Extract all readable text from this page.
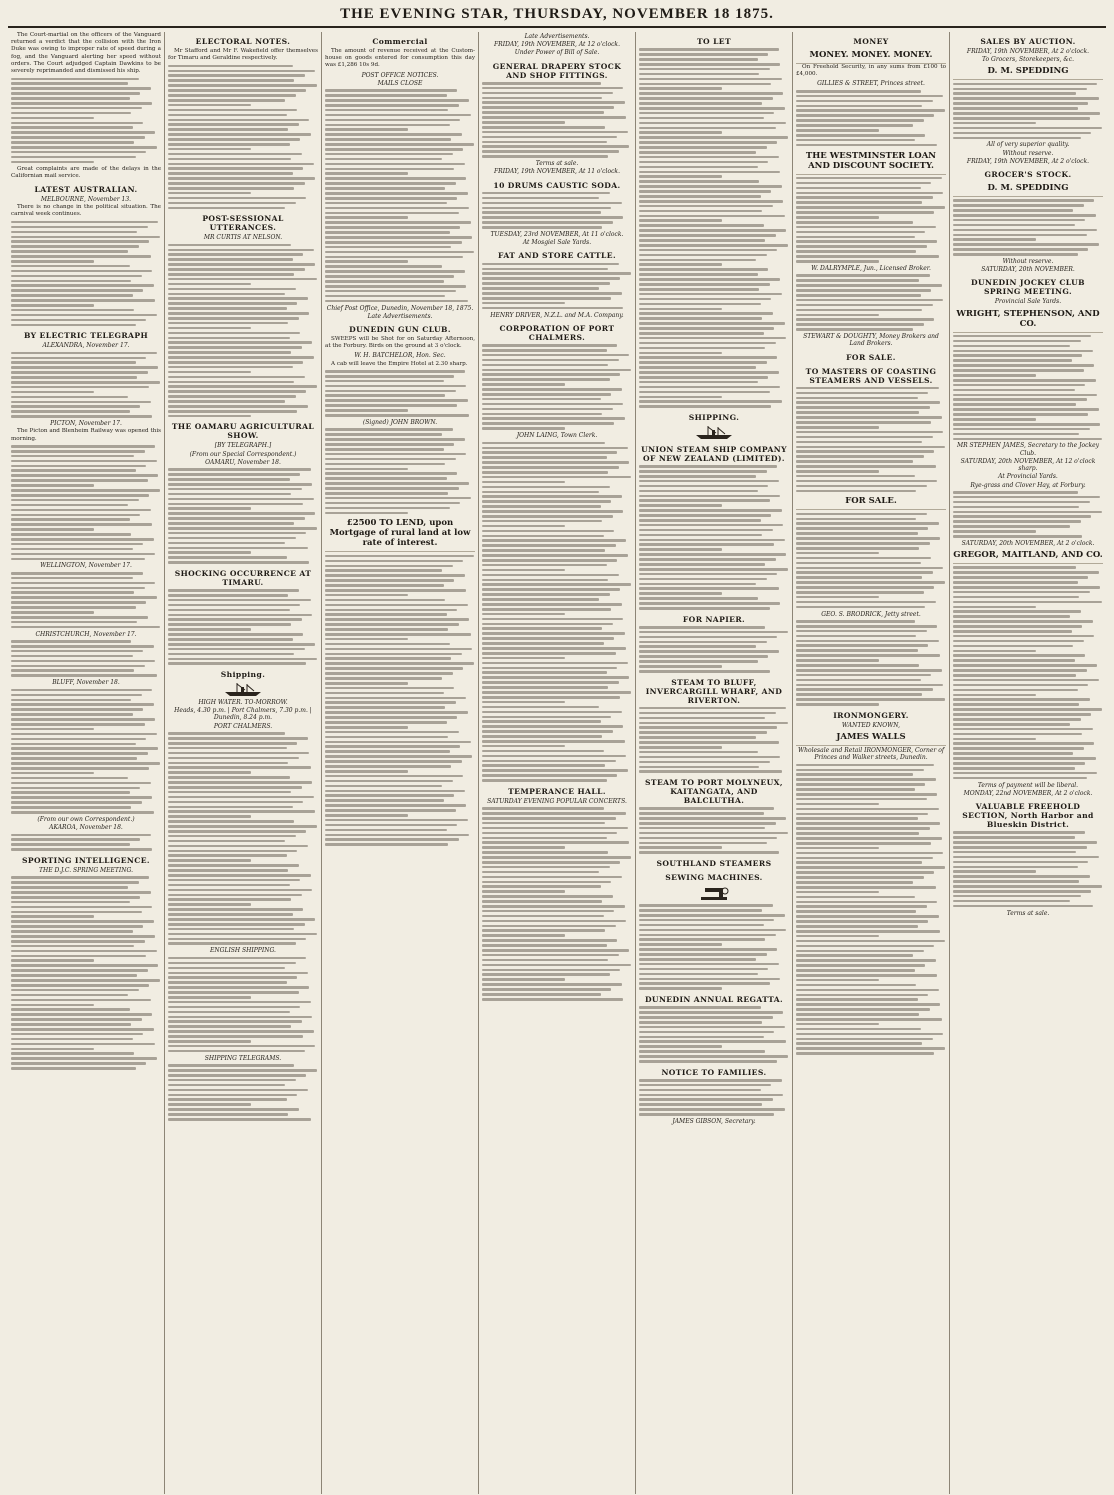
THE EVENING STAR, THURSDAY, NOVEMBER 18 1875.

The Court-martial on the officers of the Vanguard returned a verdict that the collision with the Iron Duke was owing to improper rate of speed during a fog, and the Vanguard alerting her speed without orders. The Court adjudged Captain Dawkins to be severely reprimanded and dismissed his ship.

Great complaints are made of the delays in the Californian mail service.

LATEST AUSTRALIAN.
MELBOURNE, November 13.

There is no change in the political situation. The carnival week continues.

BY ELECTRIC TELEGRAPH
ALEXANDRA, November 17.
PICTON, November 17.

The Picton and Blenheim Railway was opened this morning.

WELLINGTON, November 17.
CHRISTCHURCH, November 17.
BLUFF, November 18.
(From our own Correspondent.)
AKAROA, November 18.
SPORTING INTELLIGENCE.
THE D.J.C. SPRING MEETING.
ELECTORAL NOTES.

Mr Stafford and Mr F. Wakefield offer themselves for Timaru and Geraldine respectively.

POST-SESSIONAL UTTERANCES.
MR CURTIS AT NELSON.
THE OAMARU AGRICULTURAL SHOW.
[BY TELEGRAPH.]
(From our Special Correspondent.)
OAMARU, November 18.
SHOCKING OCCURRENCE AT TIMARU.
Shipping.
HIGH WATER. TO-MORROW.
Heads, 4.30 p.m. | Port Chalmers, 7.30 p.m. | Dunedin, 8.24 p.m.
PORT CHALMERS.
ENGLISH SHIPPING.
SHIPPING TELEGRAMS.
Commercial

The amount of revenue received at the Custom-house on goods entered for consumption this day was £1,286 10s 9d.

POST OFFICE NOTICES.
MAILS CLOSE
Chief Post Office, Dunedin, November 18, 1875.
Late Advertisements.
DUNEDIN GUN CLUB.

SWEEPS will be Shot for on Saturday Afternoon, at the Forbury. Birds on the ground at 3 o'clock.

W. H. BATCHELOR, Hon. Sec.

A cab will leave the Empire Hotel at 2.30 sharp.

(Signed) JOHN BROWN.
£2500 TO LEND, upon Mortgage of rural land at low rate of interest.
Late Advertisements.
FRIDAY, 19th NOVEMBER, At 12 o'clock.
Under Power of Bill of Sale.
GENERAL DRAPERY STOCK AND SHOP FITTINGS.
Terms at sale.
FRIDAY, 19th NOVEMBER, At 11 o'clock.
10 DRUMS CAUSTIC SODA.
TUESDAY, 23rd NOVEMBER, At 11 o'clock.
At Mosgiel Sale Yards.
FAT AND STORE CATTLE.
HENRY DRIVER, N.Z.L. and M.A. Company.
CORPORATION OF PORT CHALMERS.
JOHN LAING, Town Clerk.
TEMPERANCE HALL.
SATURDAY EVENING POPULAR CONCERTS.
TO LET
SHIPPING.
UNION STEAM SHIP COMPANY OF NEW ZEALAND (LIMITED).
FOR NAPIER.
STEAM TO BLUFF, INVERCARGILL WHARF, AND RIVERTON.
STEAM TO PORT MOLYNEUX, KAITANGATA, AND BALCLUTHA.
SOUTHLAND STEAMERS
SEWING MACHINES.
DUNEDIN ANNUAL REGATTA.
NOTICE TO FAMILIES.
JAMES GIBSON, Secretary.
MONEY
MONEY. MONEY. MONEY.

On Freehold Security, in any sums from £100 to £4,000.

GILLIES & STREET, Princes street.
THE WESTMINSTER LOAN AND DISCOUNT SOCIETY.
W. DALRYMPLE, Jun., Licensed Broker.
STEWART & DOUGHTY, Money Brokers and Land Brokers.
FOR SALE.
TO MASTERS OF COASTING STEAMERS AND VESSELS.
FOR SALE.
GEO. S. BRODRICK, Jetty street.
IRONMONGERY.
WANTED KNOWN,
JAMES WALLS
Wholesale and Retail IRONMONGER, Corner of Princes and Walker streets, Dunedin.
SALES BY AUCTION.
FRIDAY, 19th NOVEMBER, At 2 o'clock.
To Grocers, Storekeepers, &c.
D. M. SPEDDING
All of very superior quality.
Without reserve.
FRIDAY, 19th NOVEMBER, At 2 o'clock.
GROCER'S STOCK.
D. M. SPEDDING
Without reserve.
SATURDAY, 20th NOVEMBER.
DUNEDIN JOCKEY CLUB SPRING MEETING.
Provincial Sale Yards.
WRIGHT, STEPHENSON, AND CO.
MR STEPHEN JAMES, Secretary to the Jockey Club.
SATURDAY, 20th NOVEMBER, At 12 o'clock sharp.
At Provincial Yards.
Rye-grass and Clover Hay, at Forbury.
SATURDAY, 20th NOVEMBER, At 2 o'clock.
GREGOR, MAITLAND, AND CO.
Terms of payment will be liberal.
MONDAY, 22nd NOVEMBER, At 2 o'clock.
VALUABLE FREEHOLD SECTION, North Harbor and Blueskin District.
Terms at sale.
